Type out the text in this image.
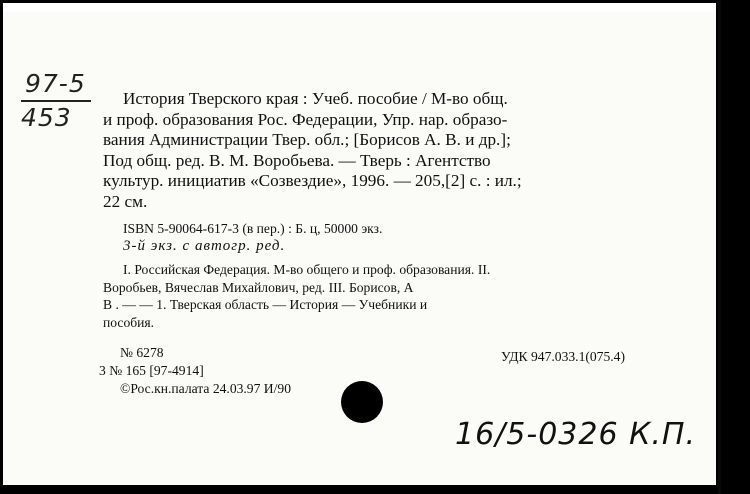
97-5
453
История Тверского края : Учеб. пособие / М-во общ.
и проф. образования Рос. Федерации, Упр. нар. образо-
вания Администрации Твер. обл.; [Борисов А. В. и др.];
Под общ. ред. В. М. Воробьева. — Тверь : Агентство
культур. инициатив «Созвездие», 1996. — 205,[2] с. : ил.;
22 см.
ISBN 5-90064-617-3 (в пер.) : Б. ц, 50000 экз.
3-й экз. с автогр. ред.
I. Российская Федерация. М-во общего и проф. образования. II.
Воробьев, Вячеслав Михайлович, ред. III. Борисов, А
В . — — 1. Тверская область — История — Учебники и
пособия.
№ 6278
3 № 165 [97-4914]
©Рос.кн.палата 24.03.97 И/90
УДК 947.033.1(075.4)
16/5-0326 К.П.
